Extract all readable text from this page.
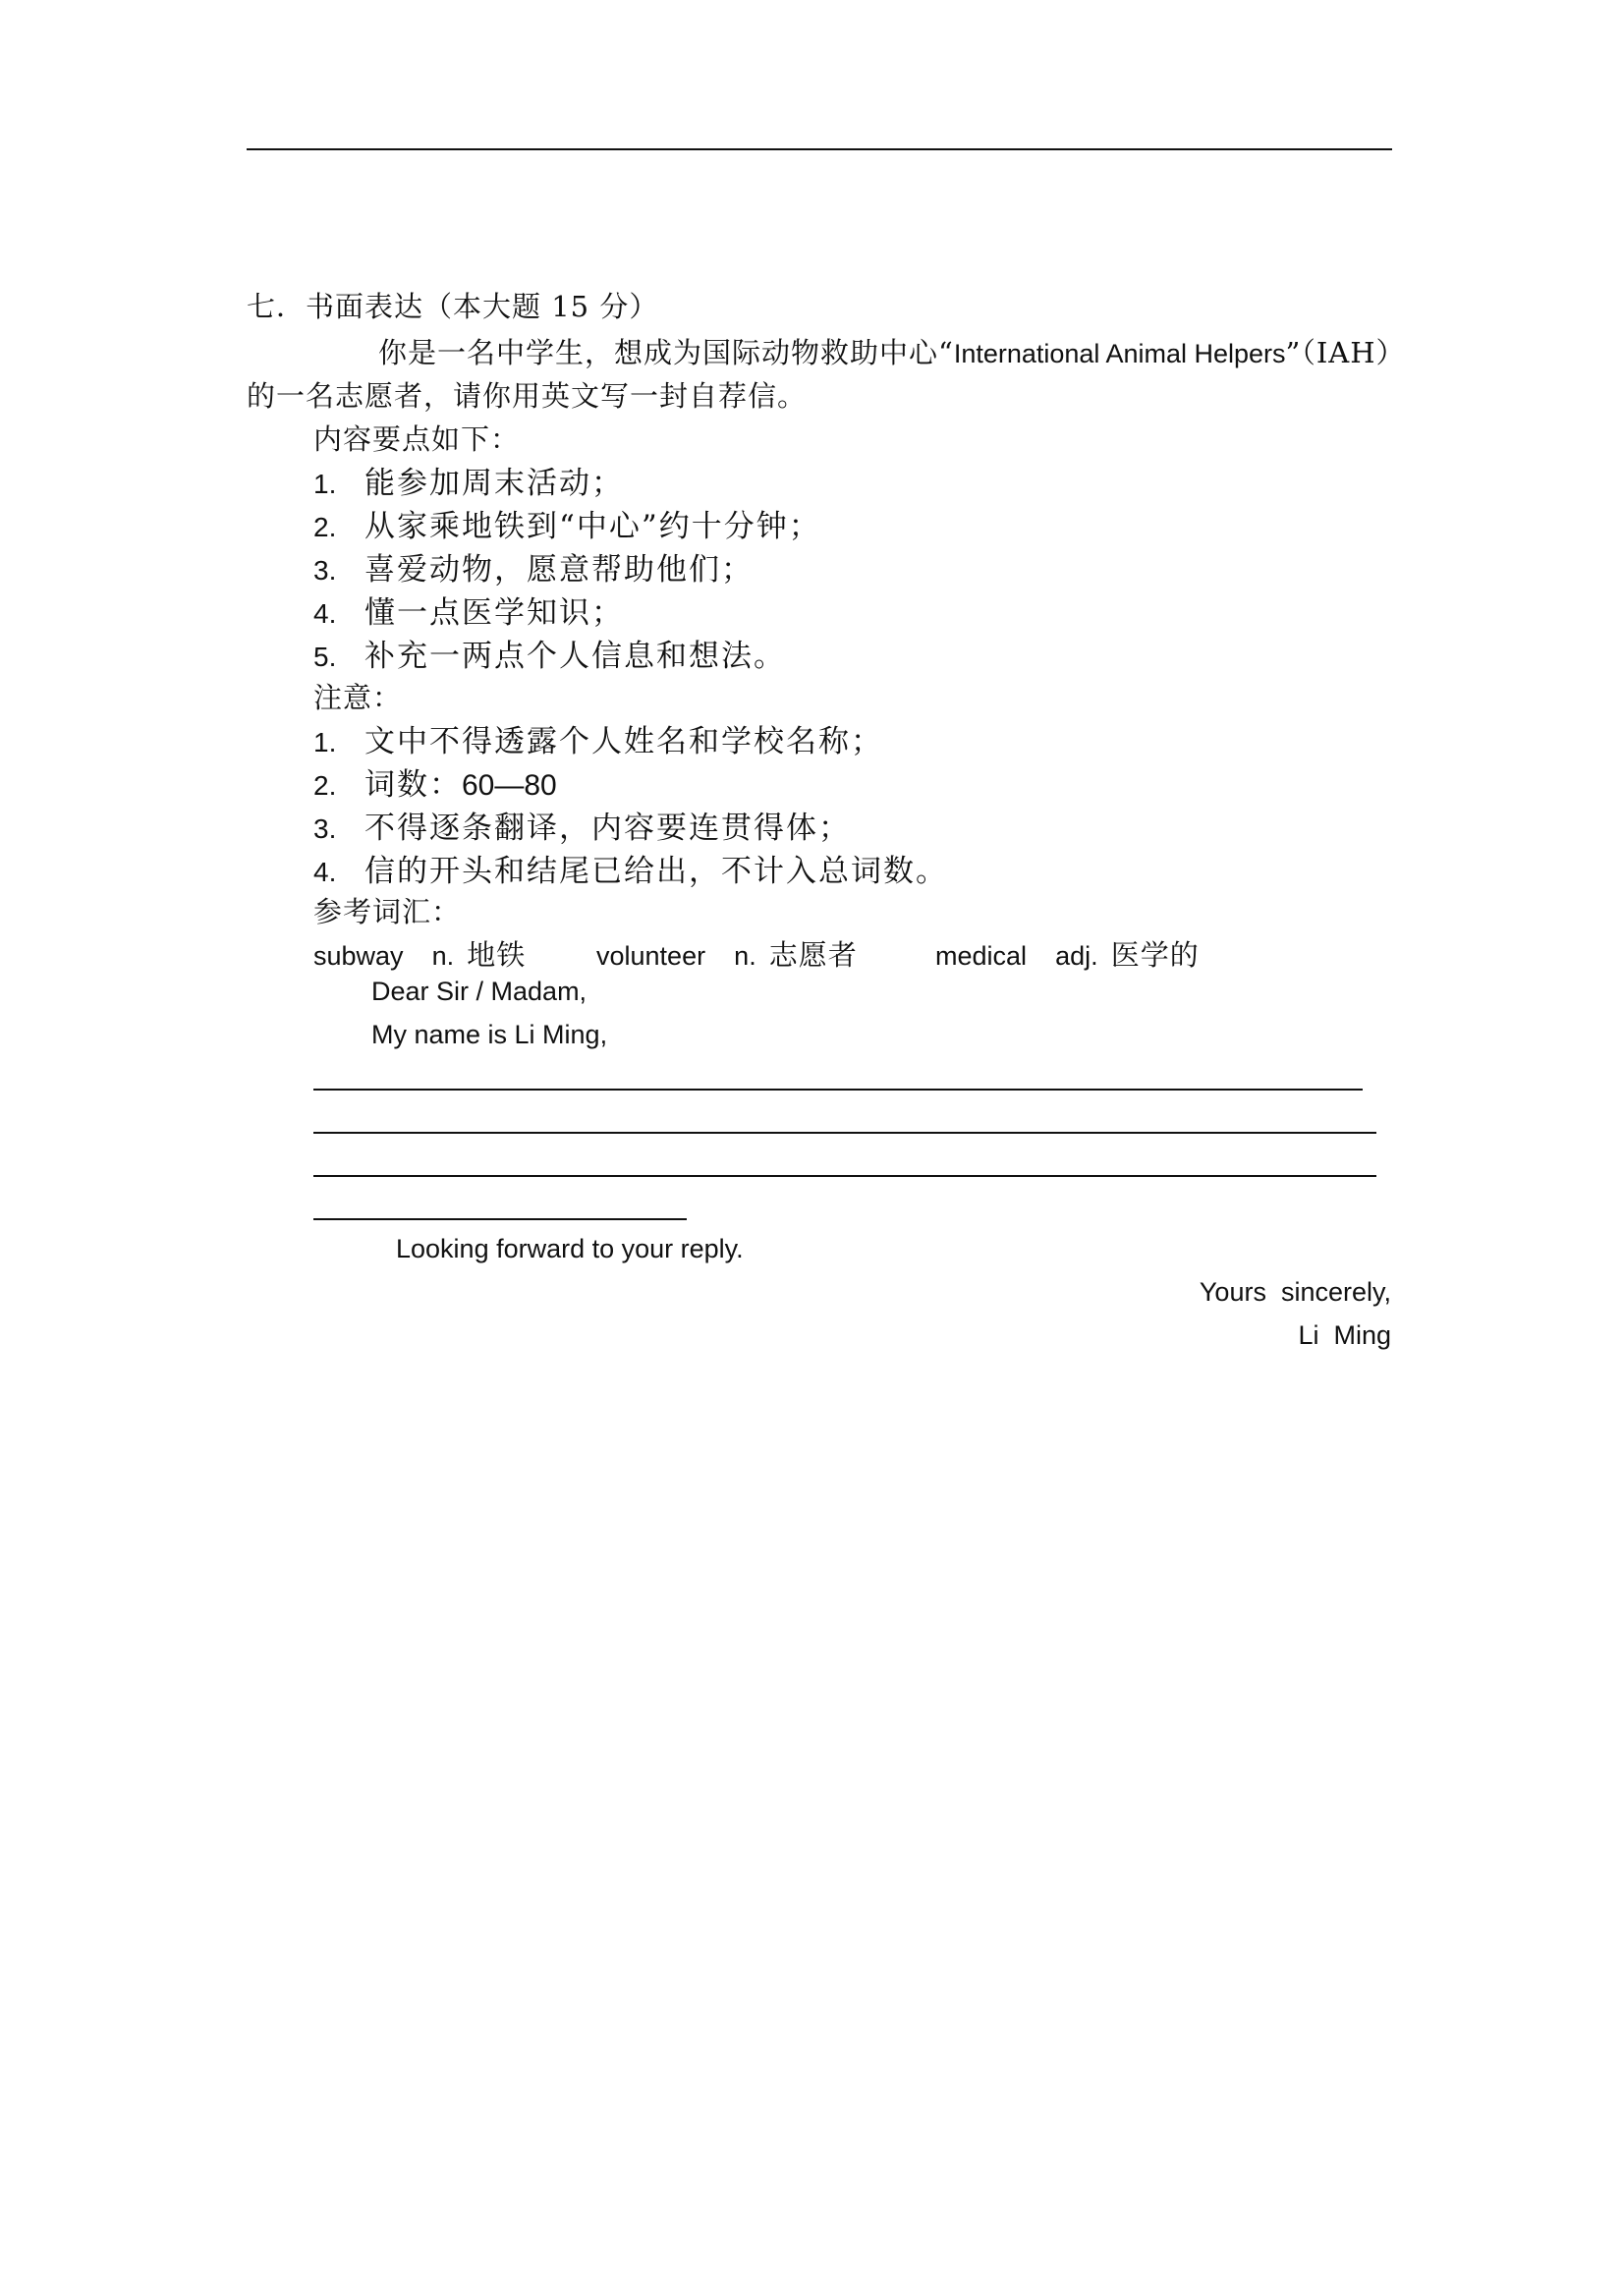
七．书面表达（本大题 15 分）
你是一名中学生，想成为国际动物救助中心“International Animal Helpers”（IAH）
的一名志愿者，请你用英文写一封自荐信。
内容要点如下：
1. 能参加周末活动；
2. 从家乘地铁到“中心”约十分钟；
3. 喜爱动物，愿意帮助他们；
4. 懂一点医学知识；
5. 补充一两点个人信息和想法。
注意：
1. 文中不得透露个人姓名和学校名称；
2. 词数：60—80
3. 不得逐条翻译，内容要连贯得体；
4. 信的开头和结尾已给出，不计入总词数。
参考词汇：
subway n. 地铁	volunteer n. 志愿者	medical adj. 医学的
Dear Sir / Madam,
My name is Li Ming,
Looking forward to your reply.
Yours  sincerely,
Li  Ming
